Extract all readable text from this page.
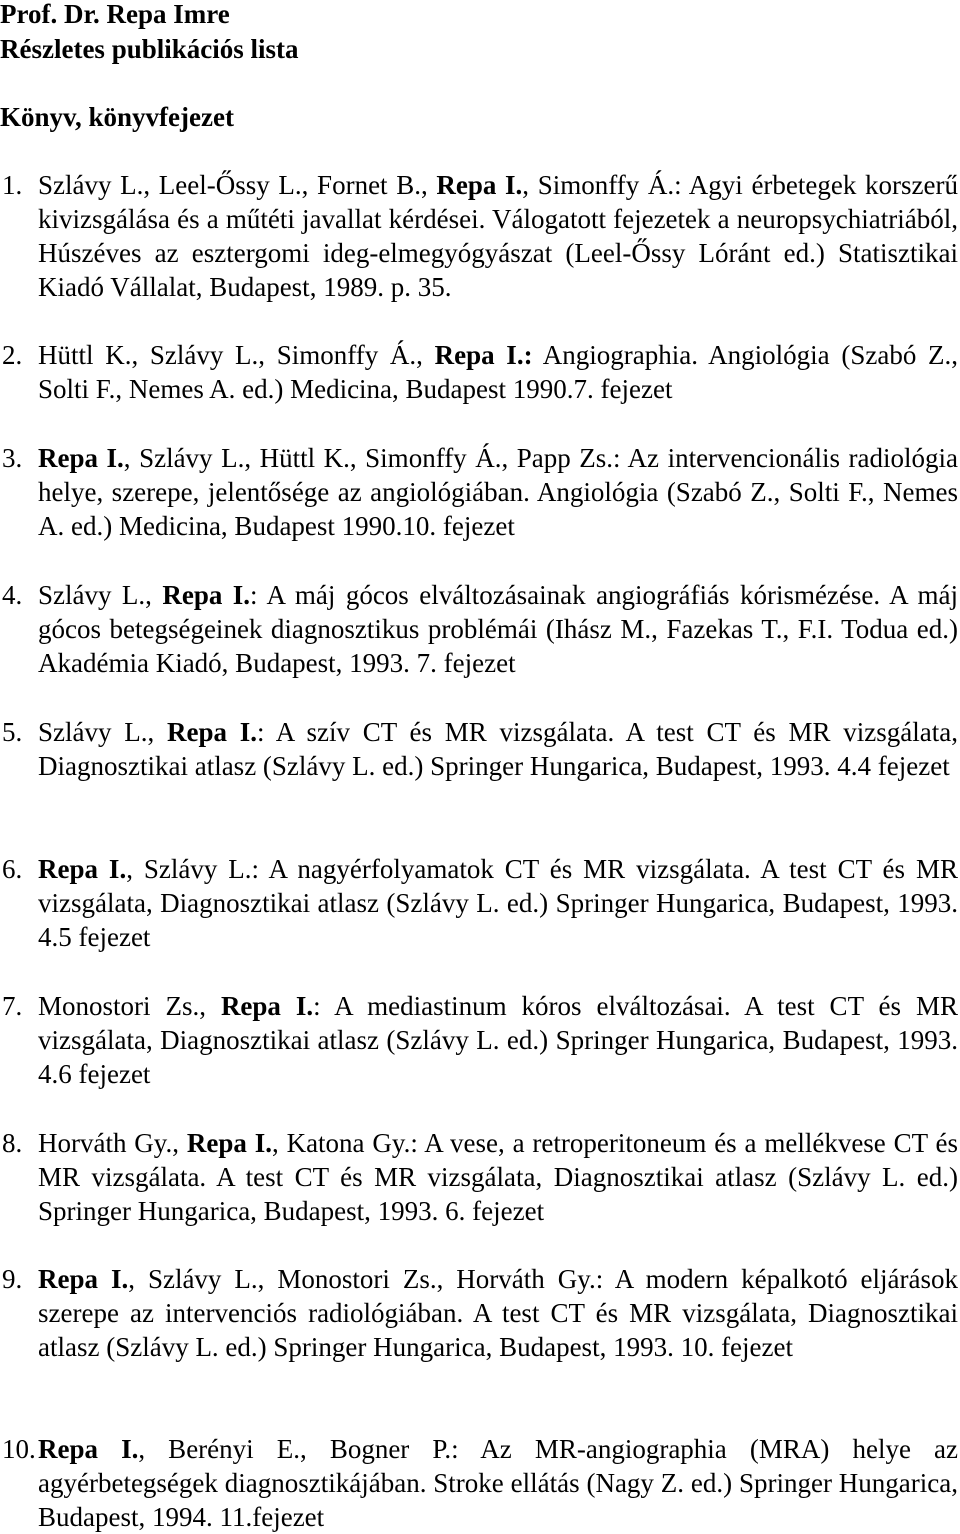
Prof. Dr. Repa Imre
Részletes publikációs lista
Könyv, könyvfejezet
1. Szlávy L., Leel-Őssy L., Fornet B., Repa I., Simonffy Á.: Agyi érbetegek korszerű kivizsgálása és a műtéti javallat kérdései. Válogatott fejezetek a neuropsychiatriából, Húszéves az esztergomi ideg-elmegyógyászat (Leel-Őssy Lóránt ed.) Statisztikai Kiadó Vállalat, Budapest, 1989. p. 35.
2. Hüttl K., Szlávy L., Simonffy Á., Repa I.: Angiographia. Angiológia (Szabó Z., Solti F., Nemes A. ed.) Medicina, Budapest 1990.7. fejezet
3. Repa I., Szlávy L., Hüttl K., Simonffy Á., Papp Zs.: Az intervencionális radiológia helye, szerepe, jelentősége az angiológiában. Angiológia (Szabó Z., Solti F., Nemes A. ed.) Medicina, Budapest 1990.10. fejezet
4. Szlávy L., Repa I.: A máj gócos elváltozásainak angiográfiás kórismézése. A máj gócos betegségeinek diagnosztikus problémái (Ihász M., Fazekas T., F.I. Todua ed.) Akadémia Kiadó, Budapest, 1993. 7. fejezet
5. Szlávy L., Repa I.: A szív CT és MR vizsgálata. A test CT és MR vizsgálata, Diagnosztikai atlasz (Szlávy L. ed.) Springer Hungarica, Budapest, 1993. 4.4 fejezet
6. Repa I., Szlávy L.: A nagyérfolyamatok CT és MR vizsgálata. A test CT és MR vizsgálata, Diagnosztikai atlasz (Szlávy L. ed.) Springer Hungarica, Budapest, 1993. 4.5 fejezet
7. Monostori Zs., Repa I.: A mediastinum kóros elváltozásai. A test CT és MR vizsgálata, Diagnosztikai atlasz (Szlávy L. ed.) Springer Hungarica, Budapest, 1993. 4.6 fejezet
8. Horváth Gy., Repa I., Katona Gy.: A vese, a retroperitoneum és a mellékvese CT és MR vizsgálata. A test CT és MR vizsgálata, Diagnosztikai atlasz (Szlávy L. ed.) Springer Hungarica, Budapest, 1993. 6. fejezet
9. Repa I., Szlávy L., Monostori Zs., Horváth Gy.: A modern képalkotó eljárások szerepe az intervenciós radiológiában. A test CT és MR vizsgálata, Diagnosztikai atlasz (Szlávy L. ed.) Springer Hungarica, Budapest, 1993. 10. fejezet
10. Repa I., Berényi E., Bogner P.: Az MR-angiographia (MRA) helye az agyérbetegségek diagnosztikájában. Stroke ellátás (Nagy Z. ed.) Springer Hungarica, Budapest, 1994. 11.fejezet
